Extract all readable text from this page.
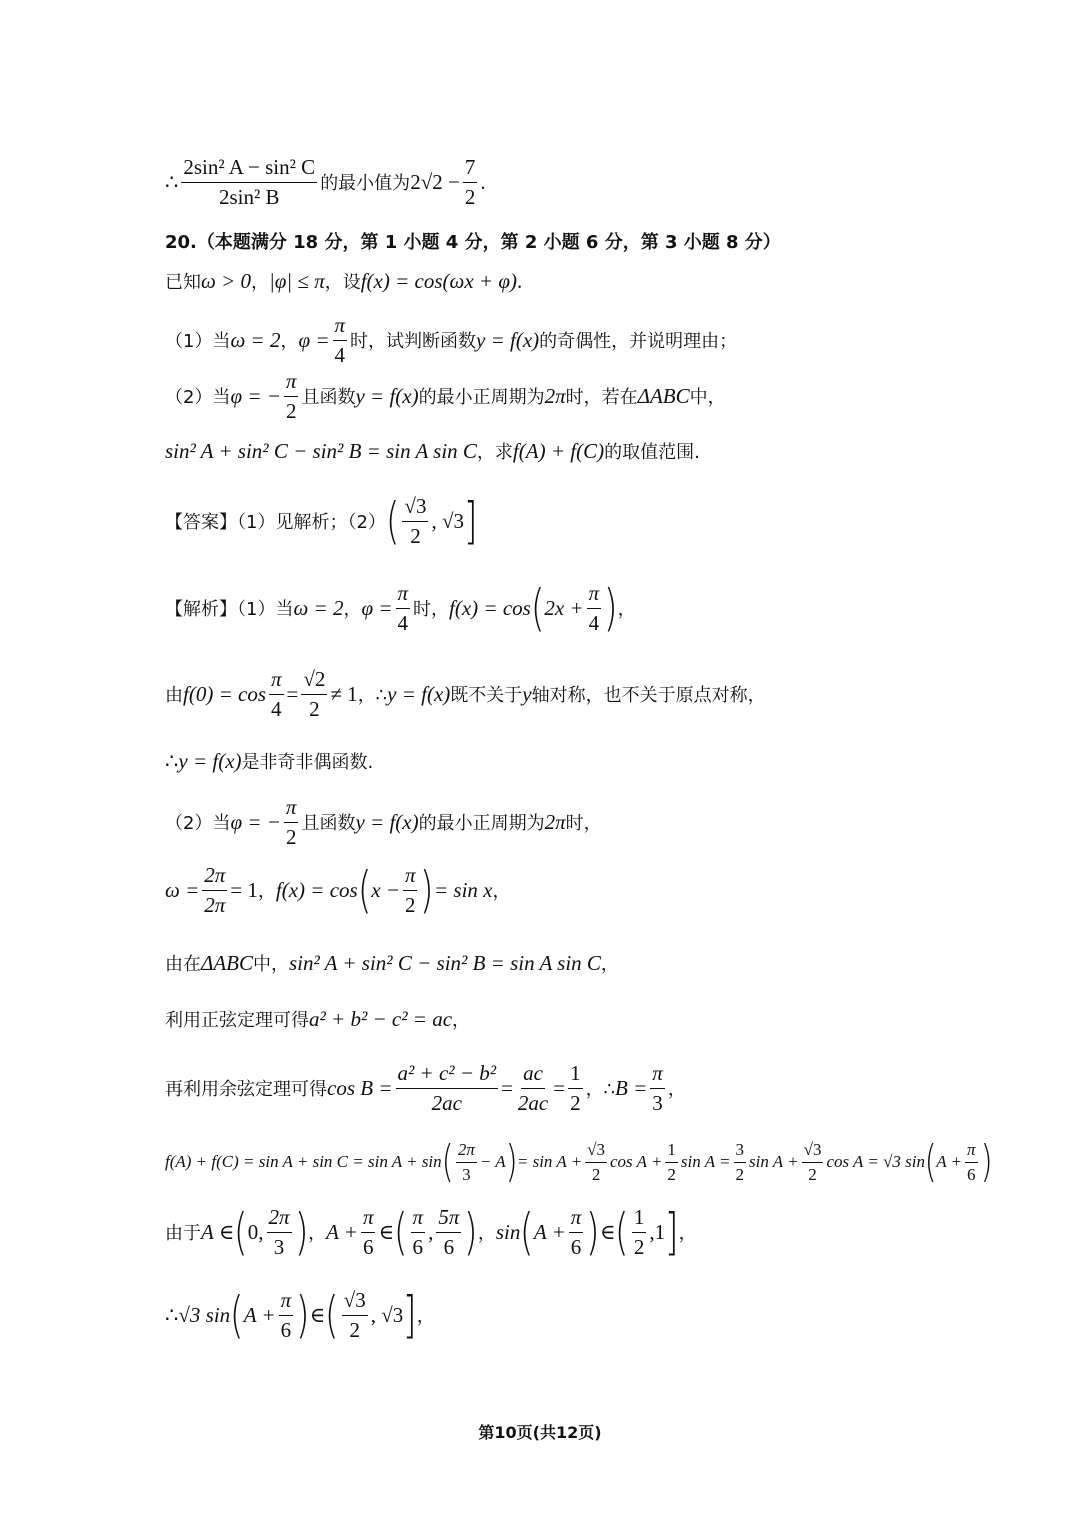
∴ $\frac{\text{2sin² A − sin² C}}{\text{2sin² B}}$ 的最小值为 $2√2 - \frac{7}{2}$ .
20.（本题满分 18 分，第 1 小题 4 分，第 2 小题 6 分，第 3 小题 8 分）
已知 ω > 0 ， |φ| ≤ π ，设 f(x) = cos(ωx + φ) .
（1）当 ω = 2 ， $\varphi = \frac{\pi}{4}$ 时，试判断函数 y = f(x) 的奇偶性，并说明理由；
（2）当 φ = − $\frac{\pi}{2}$ 且函数 y = f(x) 的最小正周期为 2π 时，若在 ΔABC 中，
sin² A + sin² C − sin² B = sin A sin C ，求 f(A) + f(C) 的取值范围.
【答案】（1）见解析；（2） ( $\frac{√3}{2}$ , √3 ]
【解析】（1）当 ω = 2 ， $\varphi = \frac{\pi}{4}$ 时， f(x) = cos ( $2x + \frac{\pi}{4}$ ) ，
由 $f(0) = \cos \frac{\pi}{4} = \frac{√2}{2} \ne 1$ ，∴ y = f(x) 既不关于 y 轴对称，也不关于原点对称，
∴ y = f(x) 是非奇非偶函数.
（2）当 φ = − $\frac{\pi}{2}$ 且函数 y = f(x) 的最小正周期为 2π 时，
$\omega = \frac{2\pi}{2\pi} = 1$ ， f(x) = cos ( $x - \frac{\pi}{2}$ ) = sin x ，
由在 ΔABC 中， sin² A + sin² C − sin² B = sin A sin C ，
利用正弦定理可得 a² + b² − c² = ac ，
再利用余弦定理可得 $\cos B = \frac{\text{a² + c² − b²}}{2ac} = \frac{ac}{2ac} = \frac{1}{2}$ ，∴ $B = \frac{\pi}{3}$ ，
f(A) + f(C) = sin A + sin C = sin A + sin ( $\frac{2\pi}{3} - A$ ) = $\sin A + \frac{√3}{2}$ $\cos A + \frac{1}{2}$ $\sin A = \frac{3}{2}$ $\sin A + \frac{√3}{2}$ cos A = √3 sin ( $A + \frac{\pi}{6}$ )
由于 A ∈ ( 0, $\frac{2\pi}{3}$ ) ， $A + \frac{\pi}{6}$ ∈ ( $\frac{\pi}{6}$ , $\frac{5\pi}{6}$ ) ， sin ( $A + \frac{\pi}{6}$ ) ∈ ( $\frac{1}{2} ,1$ ] ，
∴ √3 sin ( $A + \frac{\pi}{6}$ ) ∈ ( $\frac{√3}{2}$ , √3 ] ，
第10页(共12页)
